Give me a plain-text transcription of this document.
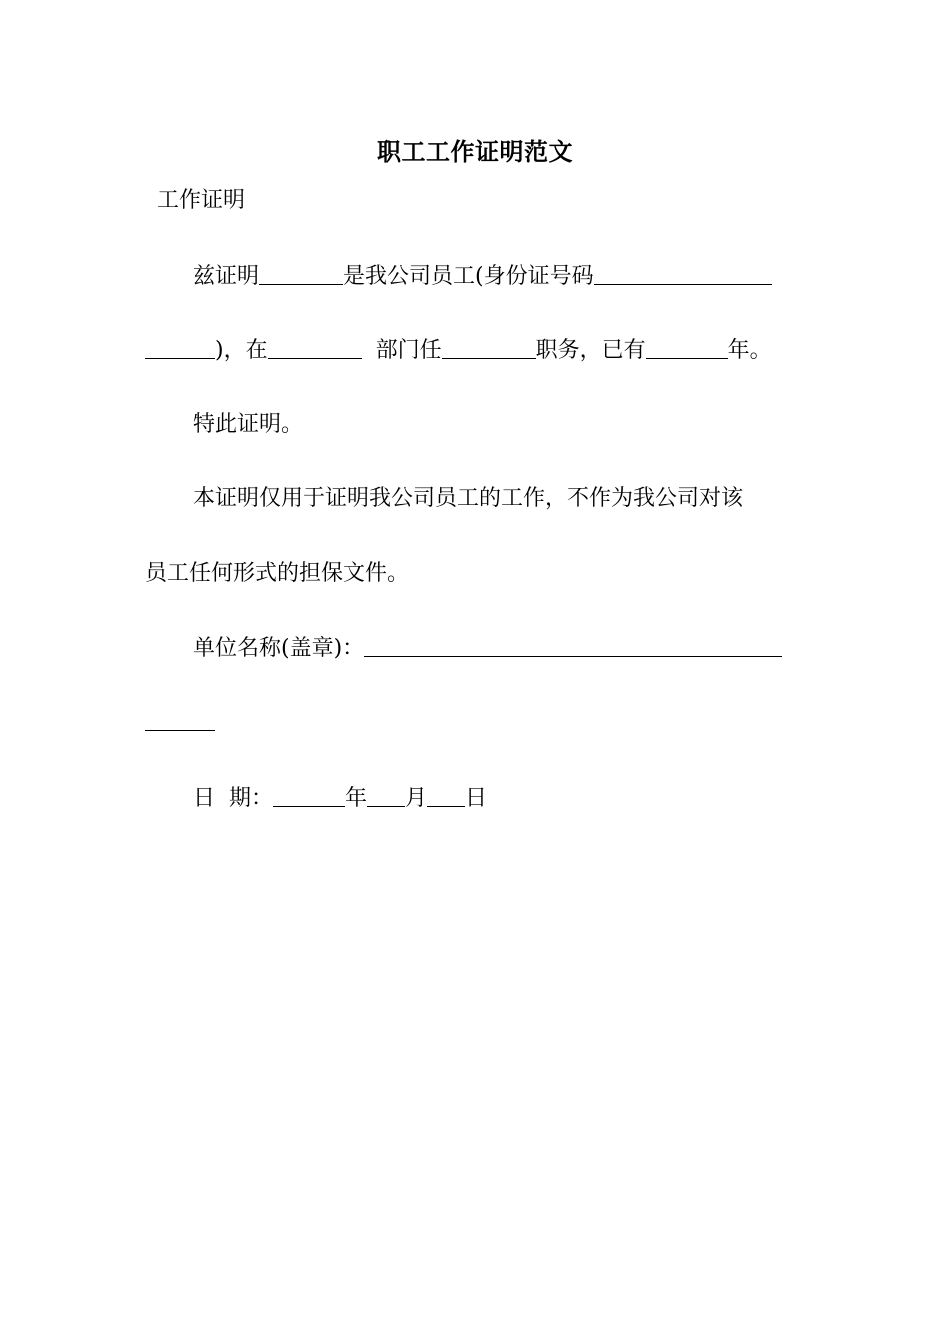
职工工作证明范文
工作证明
兹证明	是我公司员工(身份证号码
)，在	部门任	职务，已有	年。
特此证明。
本证明仅用于证明我公司员工的工作，不作为我公司对该
员工任何形式的担保文件。
单位名称(盖章)：
日  期：	年 月 日
